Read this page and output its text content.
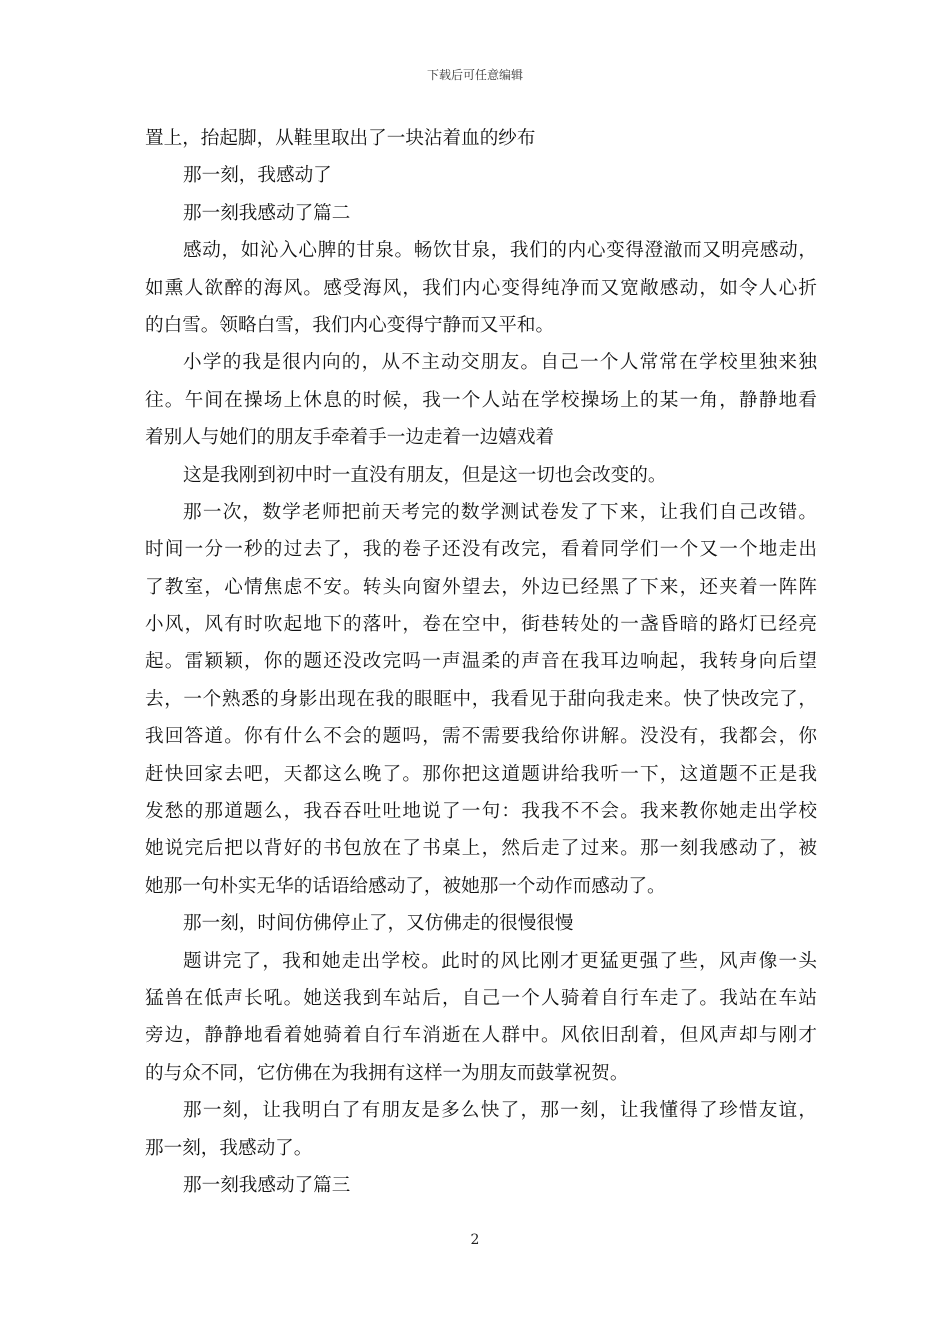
下载后可任意编辑
置上，抬起脚，从鞋里取出了一块沾着血的纱布
那一刻，我感动了
那一刻我感动了篇二
感动，如沁入心脾的甘泉。畅饮甘泉，我们的内心变得澄澈而又明亮感动，
如熏人欲醉的海风。感受海风，我们内心变得纯净而又宽敞感动，如令人心折
的白雪。领略白雪，我们内心变得宁静而又平和。
小学的我是很内向的，从不主动交朋友。自己一个人常常在学校里独来独
往。午间在操场上休息的时候，我一个人站在学校操场上的某一角，静静地看
着别人与她们的朋友手牵着手一边走着一边嬉戏着
这是我刚到初中时一直没有朋友，但是这一切也会改变的。
那一次，数学老师把前天考完的数学测试卷发了下来，让我们自己改错。
时间一分一秒的过去了，我的卷子还没有改完，看着同学们一个又一个地走出
了教室，心情焦虑不安。转头向窗外望去，外边已经黑了下来，还夹着一阵阵
小风，风有时吹起地下的落叶，卷在空中，街巷转处的一盏昏暗的路灯已经亮
起。雷颖颖，你的题还没改完吗一声温柔的声音在我耳边响起，我转身向后望
去，一个熟悉的身影出现在我的眼眶中，我看见于甜向我走来。快了快改完了，
我回答道。你有什么不会的题吗，需不需要我给你讲解。没没有，我都会，你
赶快回家去吧，天都这么晚了。那你把这道题讲给我听一下，这道题不正是我
发愁的那道题么，我吞吞吐吐地说了一句：我我不不会。我来教你她走出学校
她说完后把以背好的书包放在了书桌上，然后走了过来。那一刻我感动了，被
她那一句朴实无华的话语给感动了，被她那一个动作而感动了。
那一刻，时间仿佛停止了，又仿佛走的很慢很慢
题讲完了，我和她走出学校。此时的风比刚才更猛更强了些，风声像一头
猛兽在低声长吼。她送我到车站后，自己一个人骑着自行车走了。我站在车站
旁边，静静地看着她骑着自行车消逝在人群中。风依旧刮着，但风声却与刚才
的与众不同，它仿佛在为我拥有这样一为朋友而鼓掌祝贺。
那一刻，让我明白了有朋友是多么快了，那一刻，让我懂得了珍惜友谊，
那一刻，我感动了。
那一刻我感动了篇三
2
